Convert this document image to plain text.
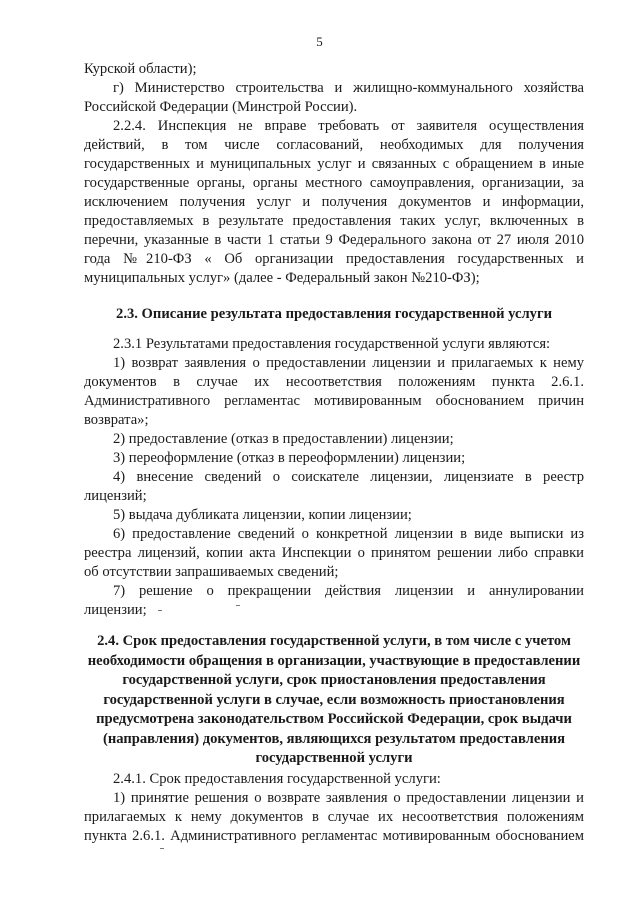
5
Курской области);
г) Министерство строительства и жилищно-коммунального хозяйства
Российской Федерации (Минстрой России).
2.2.4. Инспекция не вправе требовать от заявителя осуществления
действий, в том числе согласований, необходимых для получения
государственных и муниципальных услуг и связанных с обращением в иные
государственные органы, органы местного самоуправления, организации, за
исключением получения услуг и получения документов и информации,
предоставляемых в результате предоставления таких услуг, включенных в
перечни, указанные в части 1 статьи 9 Федерального закона от 27 июля 2010
года №210-ФЗ « Об организации предоставления государственных и
муниципальных услуг» (далее - Федеральный закон №210-ФЗ);
2.3.1 Результатами предоставления государственной услуги являются:
1) возврат заявления о предоставлении лицензии и прилагаемых к нему
документов в случае их несоответствия положениям пункта 2.6.1.
Административного регламентас мотивированным обоснованием причин
возврата»;
2) предоставление (отказ в предоставлении) лицензии;
3) переоформление (отказ в переоформлении) лицензии;
4) внесение сведений о соискателе лицензии, лицензиате в реестр
лицензий;
5) выдача дубликата лицензии, копии лицензии;
6) предоставление сведений о конкретной лицензии в виде выписки из
реестра лицензий, копии акта Инспекции о принятом решении либо справки
об отсутствии запрашиваемых сведений;
7) решение о прекращении действия лицензии и аннулировании
лицензии;
2.4.1. Срок предоставления государственной услуги:
1) принятие решения о возврате заявления о предоставлении лицензии и
прилагаемых к нему документов в случае их несоответствия положениям
пункта 2.6.1. Административного регламентас мотивированным обоснованием
2.3. Описание результата предоставления государственной услуги
2.4. Срок предоставления государственной услуги, в том числе с учетом
необходимости обращения в организации, участвующие в предоставлении
государственной услуги, срок приостановления предоставления
государственной услуги в случае, если возможность приостановления
предусмотрена законодательством Российской Федерации, срок выдачи
(направления) документов, являющихся результатом предоставления
государственной услуги
